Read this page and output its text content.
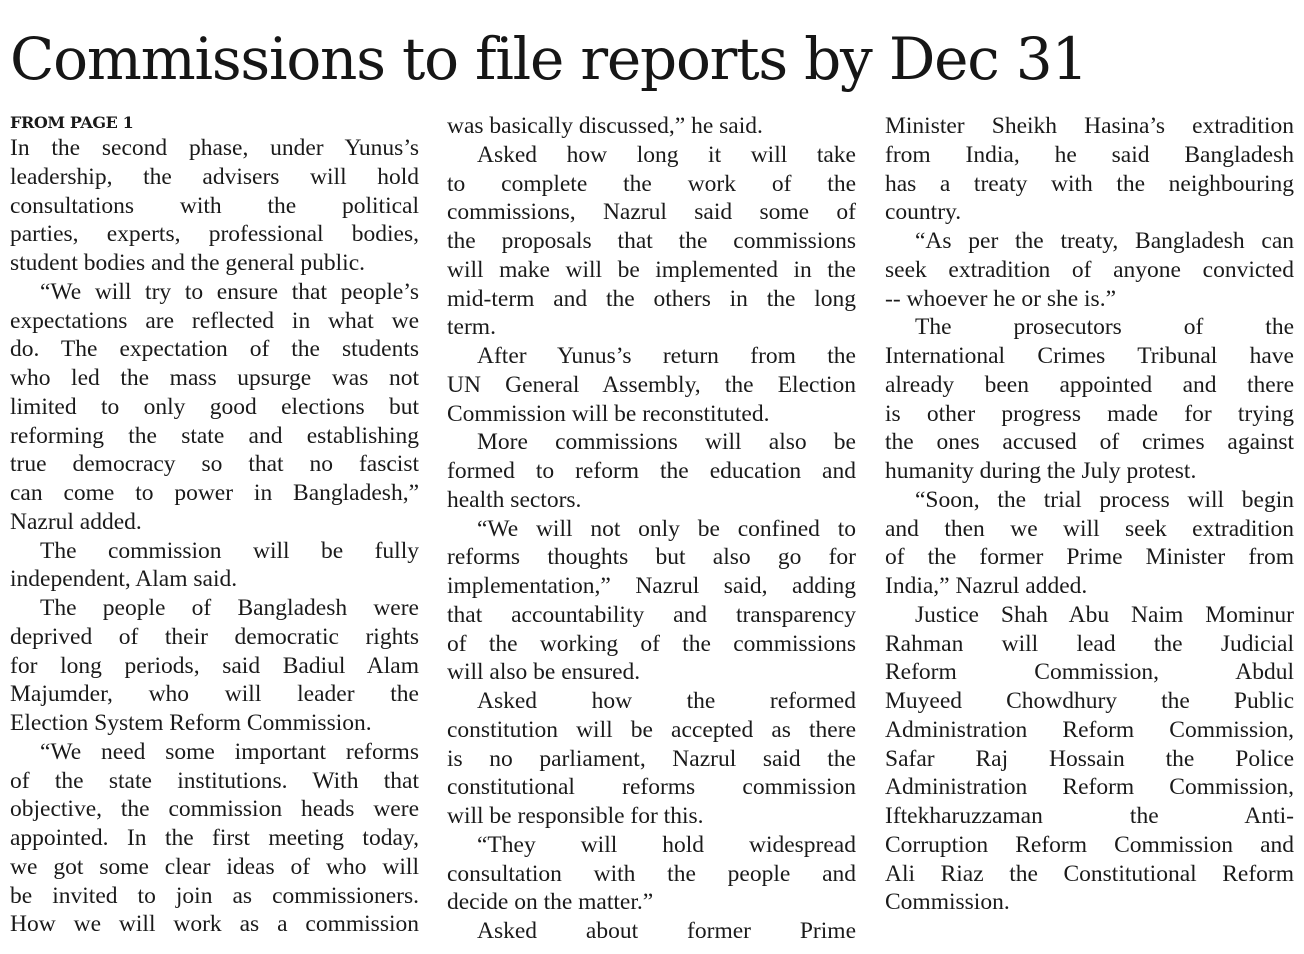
Commissions to file reports by Dec 31
FROM PAGE 1
In the second phase, under Yunus’s
leadership, the advisers will hold
consultations with the political
parties, experts, professional bodies,
student bodies and the general public.
“We will try to ensure that people’s
expectations are reflected in what we
do. The expectation of the students
who led the mass upsurge was not
limited to only good elections but
reforming the state and establishing
true democracy so that no fascist
can come to power in Bangladesh,”
Nazrul added.
The commission will be fully
independent, Alam said.
The people of Bangladesh were
deprived of their democratic rights
for long periods, said Badiul Alam
Majumder, who will leader the
Election System Reform Commission.
“We need some important reforms
of the state institutions. With that
objective, the commission heads were
appointed. In the first meeting today,
we got some clear ideas of who will
be invited to join as commissioners.
How we will work as a commission
was basically discussed,” he said.
Asked how long it will take
to complete the work of the
commissions, Nazrul said some of
the proposals that the commissions
will make will be implemented in the
mid-term and the others in the long
term.
After Yunus’s return from the
UN General Assembly, the Election
Commission will be reconstituted.
More commissions will also be
formed to reform the education and
health sectors.
“We will not only be confined to
reforms thoughts but also go for
implementation,” Nazrul said, adding
that accountability and transparency
of the working of the commissions
will also be ensured.
Asked how the reformed
constitution will be accepted as there
is no parliament, Nazrul said the
constitutional reforms commission
will be responsible for this.
“They will hold widespread
consultation with the people and
decide on the matter.”
Asked about former Prime
Minister Sheikh Hasina’s extradition
from India, he said Bangladesh
has a treaty with the neighbouring
country.
“As per the treaty, Bangladesh can
seek extradition of anyone convicted
-- whoever he or she is.”
The prosecutors of the
International Crimes Tribunal have
already been appointed and there
is other progress made for trying
the ones accused of crimes against
humanity during the July protest.
“Soon, the trial process will begin
and then we will seek extradition
of the former Prime Minister from
India,” Nazrul added.
Justice Shah Abu Naim Mominur
Rahman will lead the Judicial
Reform Commission, Abdul
Muyeed Chowdhury the Public
Administration Reform Commission,
Safar Raj Hossain the Police
Administration Reform Commission,
Iftekharuzzaman the Anti-
Corruption Reform Commission and
Ali Riaz the Constitutional Reform
Commission.
